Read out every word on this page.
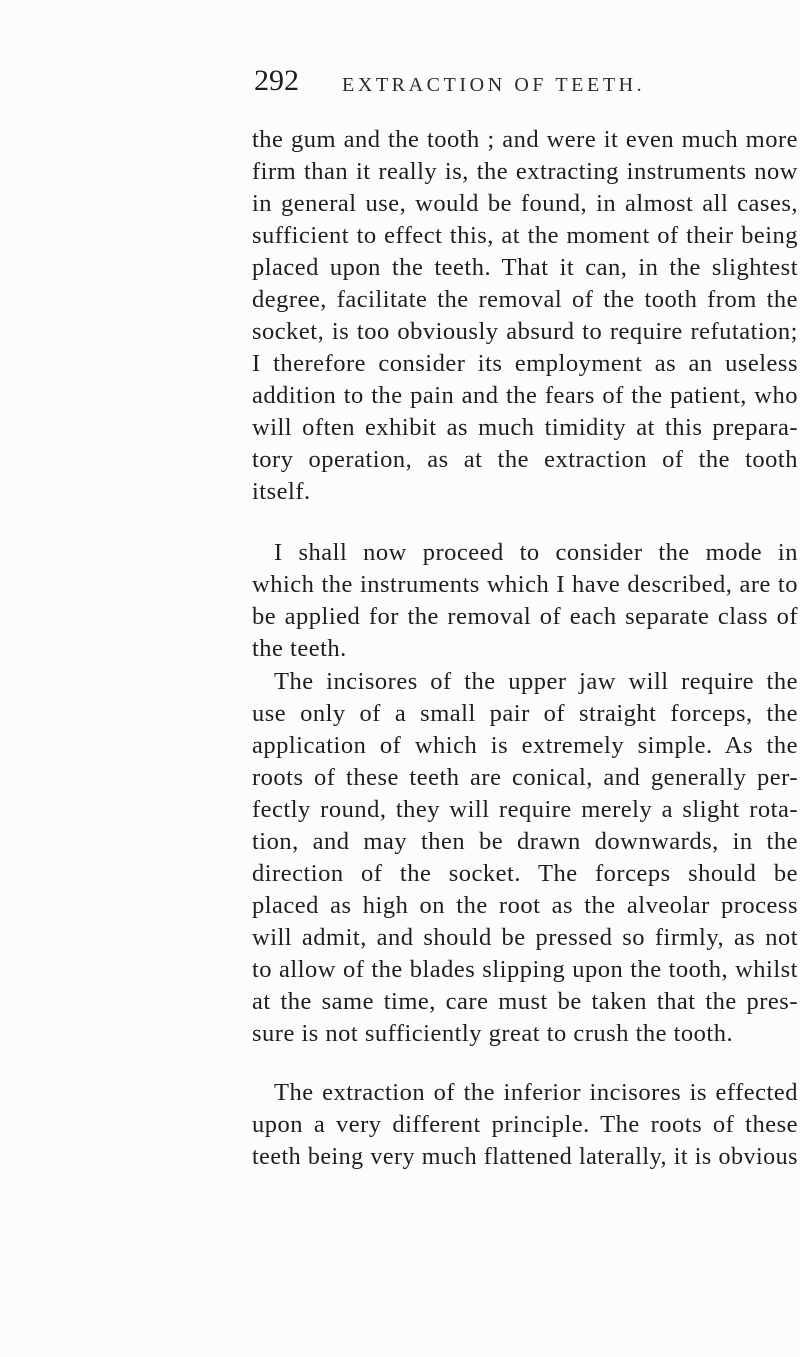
292 EXTRACTION OF TEETH.

the gum and the tooth ; and were it even much more
firm than it really is, the extracting instruments now
in general use, would be found, in almost all cases,
sufficient to effect this, at the moment of their being
placed upon the teeth. That it can, in the slightest
degree, facilitate the removal of the tooth from the
socket, is too obviously absurd to require refutation;
I therefore consider its employment as an useless
addition to the pain and the fears of the patient, who
will often exhibit as much timidity at this prepara-
tory operation, as at the extraction of the tooth
itself.

I shall now proceed to consider the mode in
which the instruments which I have described, are to
be applied for the removal of each separate class of
the teeth.

The incisores of the upper jaw will require the
use only of a small pair of straight forceps, the
application of which is extremely simple. As the
roots of these teeth are conical, and generally per-
fectly round, they will require merely a slight rota-
tion, and may then be drawn downwards, in the
direction of the socket. The forceps should be
placed as high on the root as the alveolar process
will admit, and should be pressed so firmly, as not
to allow of the blades slipping upon the tooth, whilst
at the same time, care must be taken that the pres-
sure is not sufficiently great to crush the tooth.

The extraction of the inferior incisores is effected
upon a very different principle. The roots of these
teeth being very much flattened laterally, it is obvious
